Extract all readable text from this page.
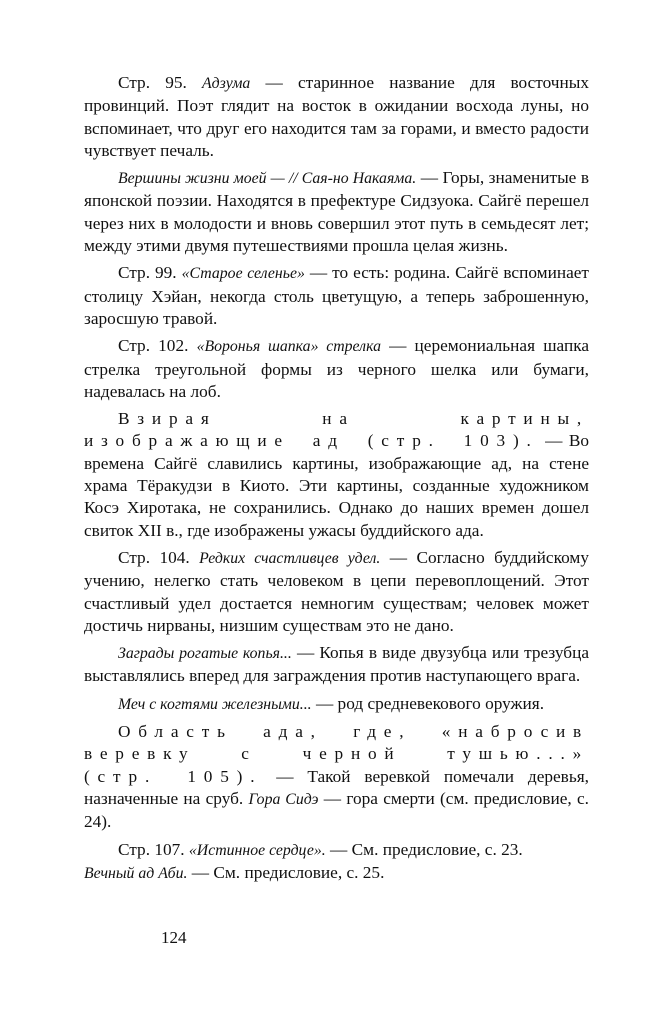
Стр. 95. Адзума — старинное название для восточных провинций. Поэт глядит на восток в ожидании восхода луны, но вспоминает, что друг его находится там за горами, и вместо радости чувствует печаль.

Вершины жизни моей — // Сая-но Накаяма. — Горы, знаменитые в японской поэзии. Находятся в префектуре Сидзуока. Сайгё перешел через них в молодости и вновь совершил этот путь в семьдесят лет; между этими двумя путешествиями прошла целая жизнь.

Стр. 99. «Старое селенье» — то есть: родина. Сайгё вспоминает столицу Хэйан, некогда столь цветущую, а теперь заброшенную, заросшую травой.

Стр. 102. «Воронья шапка» стрелка — церемониальная шапка стрелка треугольной формы из черного шелка или бумаги, надевалась на лоб.

Взирая на картины, изображающие ад (стр. 103). — Во времена Сайгё славились картины, изображающие ад, на стене храма Тёракудзи в Киото. Эти картины, созданные художником Косэ Хиротака, не сохранились. Однако до наших времен дошел свиток XII в., где изображены ужасы буддийского ада.

Стр. 104. Редких счастливцев удел. — Согласно буддийскому учению, нелегко стать человеком в цепи перевоплощений. Этот счастливый удел достается немногим существам; человек может достичь нирваны, низшим существам это не дано.

Заграды рогатые копья... — Копья в виде двузубца или трезубца выставлялись вперед для заграждения против наступающего врага.

Меч с когтями железными... — род средневекового оружия.

Область ада, где, «набросив веревку с черной тушью...» (стр. 105). — Такой веревкой помечали деревья, назначенные на сруб. Гора Сидэ — гора смерти (см. предисловие, с. 24).

Стр. 107. «Истинное сердце». — См. предисловие, с. 23.

Вечный ад Аби. — См. предисловие, с. 25.

124
